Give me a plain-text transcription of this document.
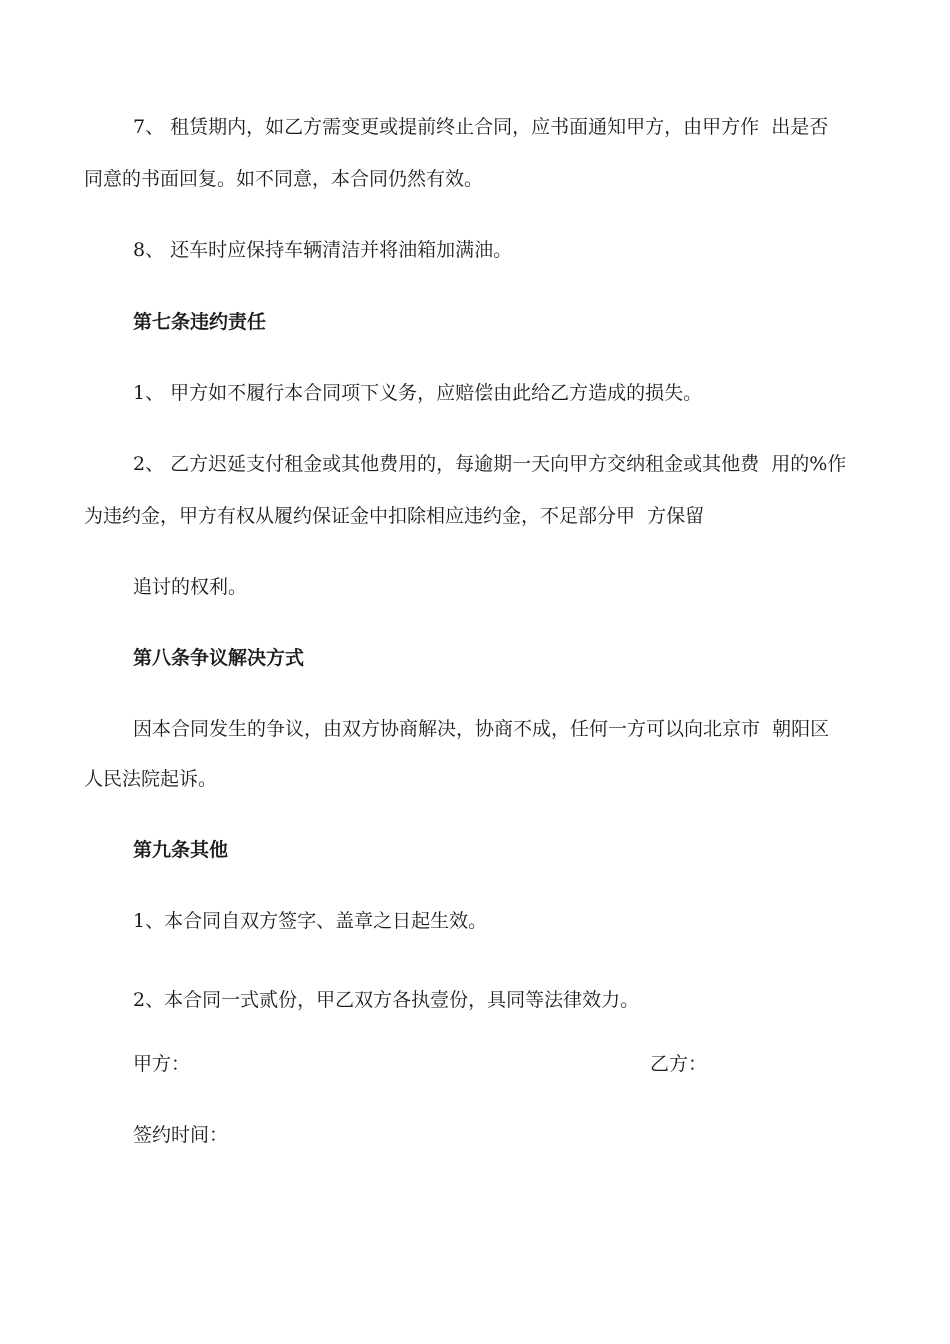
7、 租赁期内，如乙方需变更或提前终止合同，应书面通知甲方，由甲方作  出是否

同意的书面回复。如不同意，本合同仍然有效。

8、 还车时应保持车辆清洁并将油箱加满油。

第七条违约责任

1、 甲方如不履行本合同项下义务，应赔偿由此给乙方造成的损失。

2、 乙方迟延支付租金或其他费用的，每逾期一天向甲方交纳租金或其他费  用的%作

为违约金，甲方有权从履约保证金中扣除相应违约金，不足部分甲  方保留

追讨的权利。

第八条争议解决方式

因本合同发生的争议，由双方协商解决，协商不成，任何一方可以向北京市  朝阳区

人民法院起诉。

第九条其他

1、本合同自双方签字、盖章之日起生效。

2、本合同一式贰份，甲乙双方各执壹份，具同等法律效力。

甲方：	乙方：
签约时间：
